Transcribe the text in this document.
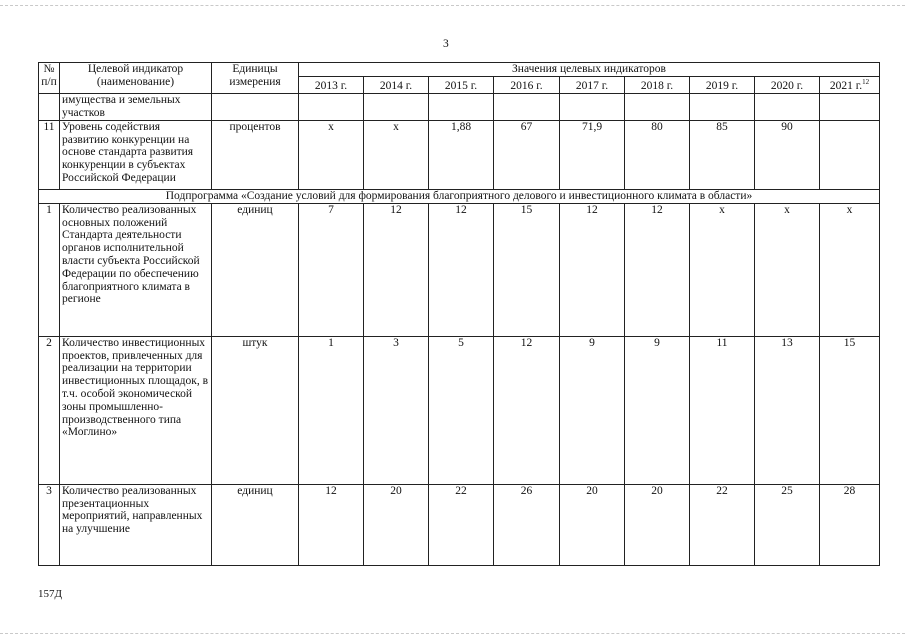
3
№ п/п	Целевой индикатор (наименование)	Единицы измерения	Значения целевых индикаторов								
			2013 г.	2014 г.	2015 г.	2016 г.	2017 г.	2018 г.	2019 г.	2020 г.	2021 г.$^{12}$
	имущества и земельных участков										
11	Уровень содействия развитию конкуренции на основе стандарта развития конкуренции в субъектах Российской Федерации	процентов	x	x	1,88	67	71,9	80	85	90	
Подпрограмма «Создание условий для формирования благоприятного делового и инвестиционного климата в области»											
1	Количество реализованных основных положений Стандарта деятельности органов исполнительной власти субъекта Российской Федерации по обеспечению благоприятного климата в регионе	единиц	7	12	12	15	12	12	x	x	x
2	Количество инвестиционных проектов, привлеченных для реализации на территории инвестиционных площадок, в т.ч. особой экономической зоны промышленно-производственного типа «Моглино»	штук	1	3	5	12	9	9	11	13	15
3	Количество реализованных презентационных мероприятий, направленных на улучшение	единиц	12	20	22	26	20	20	22	25	28
157Д
